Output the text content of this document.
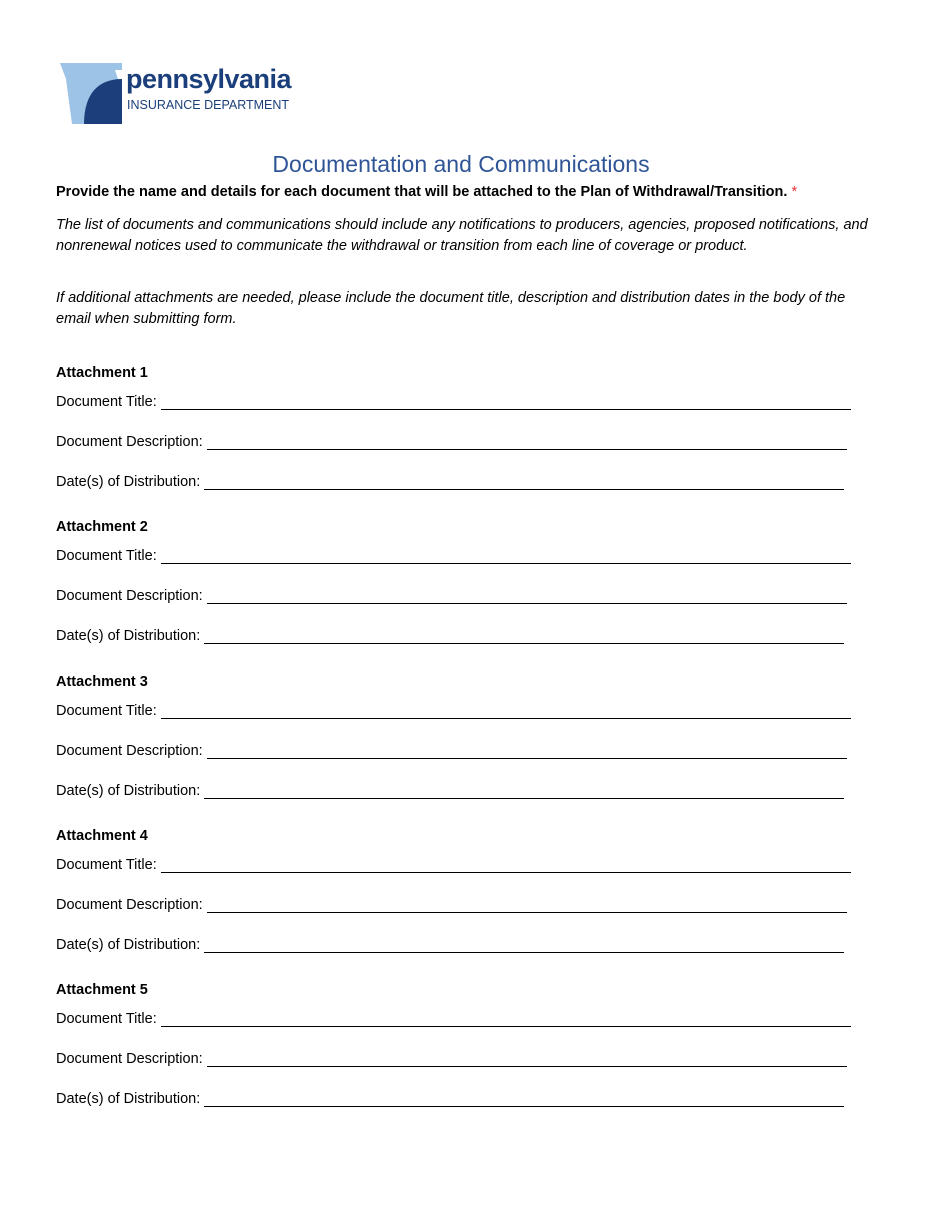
pennsylvania
INSURANCE DEPARTMENT
Documentation and Communications
Provide the name and details for each document that will be attached to the Plan of Withdrawal/Transition. *
The list of documents and communications should include any notifications to producers, agencies, proposed notifications, and nonrenewal notices used to communicate the withdrawal or transition from each line of coverage or product.
If additional attachments are needed, please include the document title, description and distribution dates in the body of the email when submitting form.
Attachment 1
Document Title:
Document Description:
Date(s) of Distribution:
Attachment 2
Document Title:
Document Description:
Date(s) of Distribution:
Attachment 3
Document Title:
Document Description:
Date(s) of Distribution:
Attachment 4
Document Title:
Document Description:
Date(s) of Distribution:
Attachment 5
Document Title:
Document Description:
Date(s) of Distribution:
